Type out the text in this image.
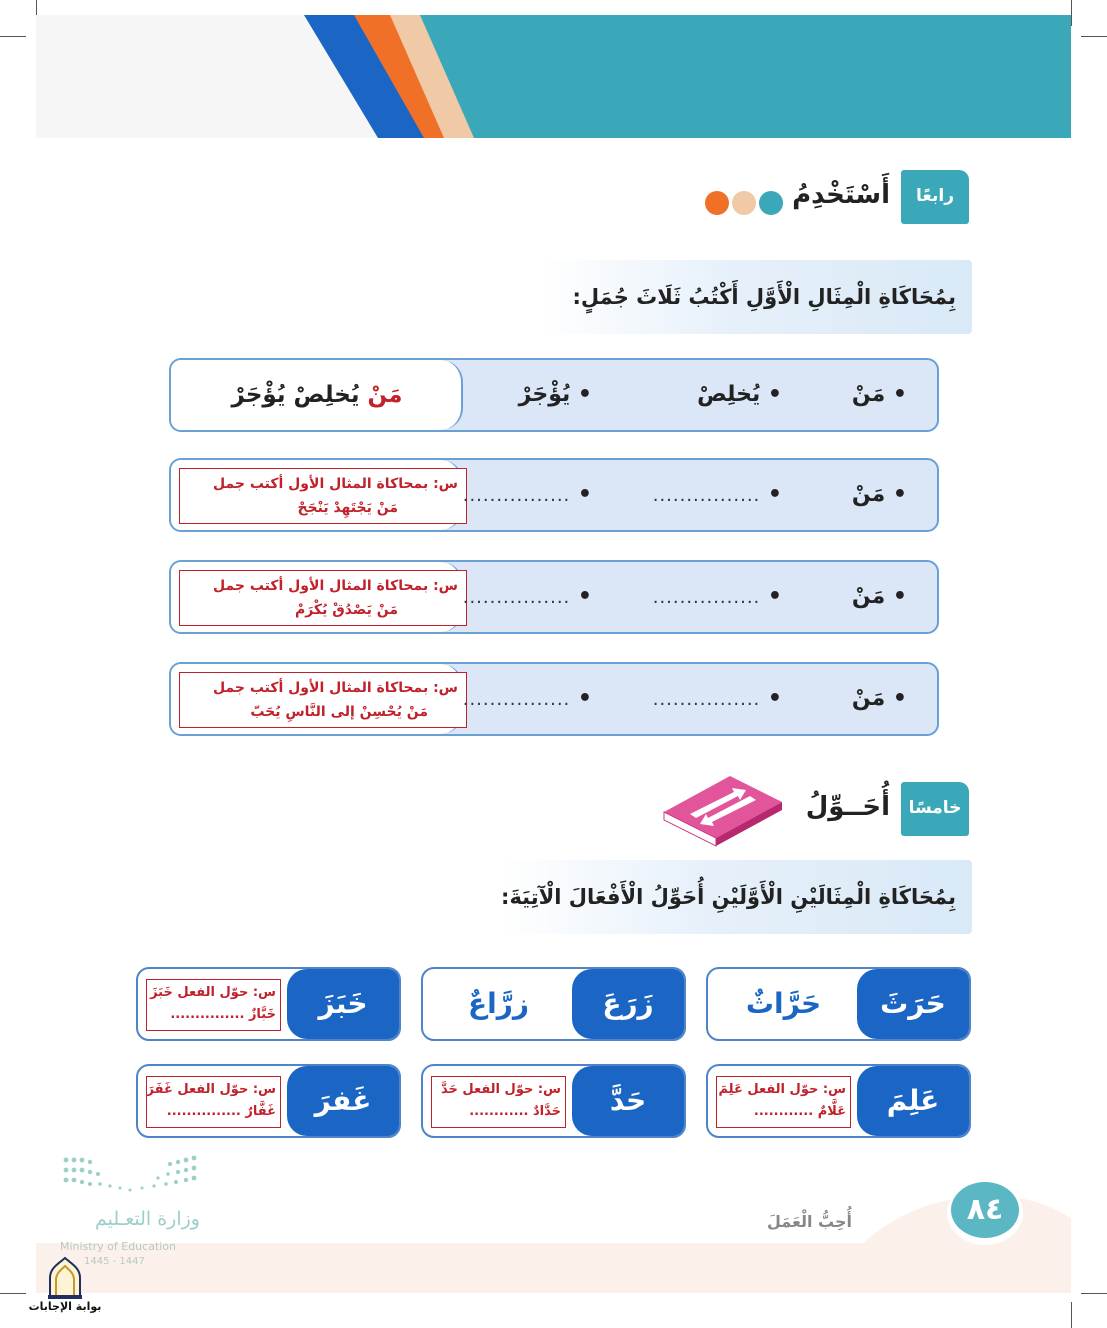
رابعًا
أَسْتَخْدِمُ
بِمُحَاكَاةِ الْمِثَالِ الْأَوَّلِ أَكْتُبُ ثَلَاثَ جُمَلٍ:
مَنْ يُخلِصْ يُؤْجَرْ	• مَنْ
• يُخلِصْ
• يُؤْجَرْ
س: بمحاكاة المثال الأول أكتب جمل
مَنْ يَجْتَهِدْ يَنْجَحْ
• مَنْ
• ................
• ................
س: بمحاكاة المثال الأول أكتب جمل
مَنْ يَصْدُقْ يُكْرَمْ
• مَنْ
• ................
• ................
س: بمحاكاة المثال الأول أكتب جمل
مَنْ يُحْسِنْ إلى النَّاسِ يُحَبّ
• مَنْ
• ................
• ................
خامسًا
أُحَــوِّلُ
بِمُحَاكَاةِ الْمِثَالَيْنِ الْأَوَّلَيْنِ أُحَوِّلُ الْأَفْعَالَ الْآتِيَةَ:
حَرَثَ
حَرَّاثٌ
زَرَعَ
زرَّاعٌ
خَبَزَ
س: حوّل الفعل خَبَزَ
خَبَّازٌ ...............
عَلِمَ
س: حوّل الفعل عَلِمَ
عَلَّامٌ ............
حَدَّ
س: حوّل الفعل حَدَّ
حَدَّادٌ ............
غَفرَ
س: حوّل الفعل غَفَرَ
غَفَّارٌ ...............
٨٤
أُحِبُّ الْعَمَلَ
وزارة التعـليم
Ministry of Education
1445 - 1447
بوابة الإجابات
